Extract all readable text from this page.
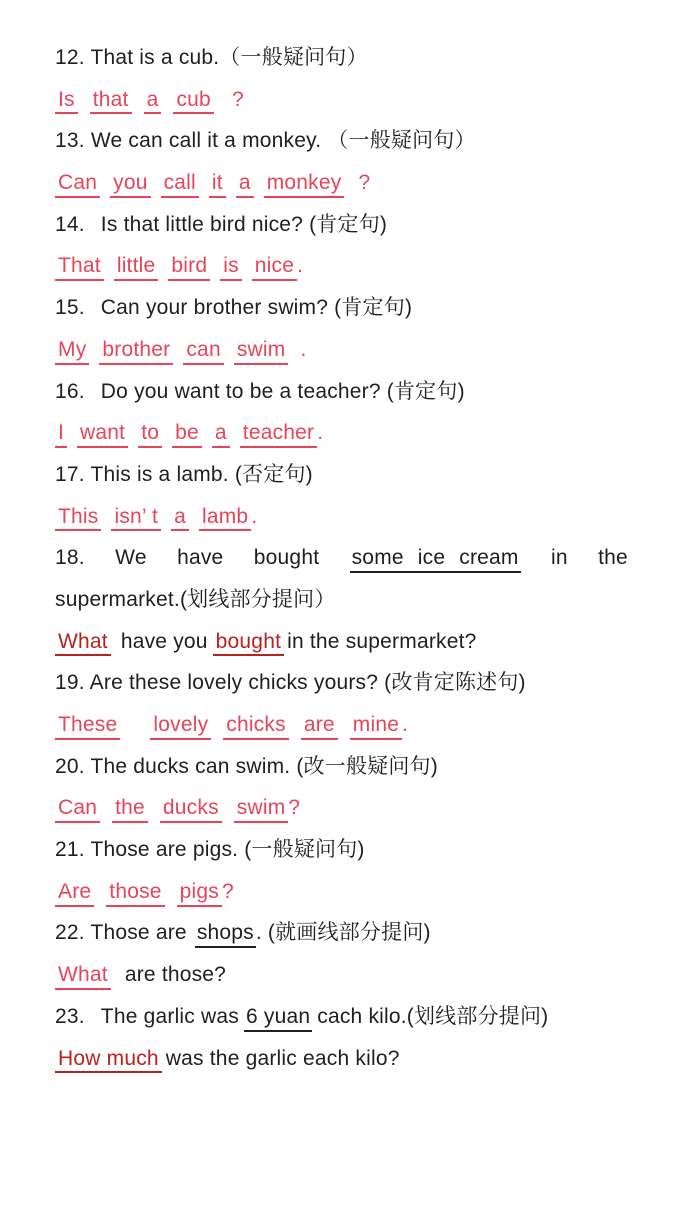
12. That is a cub.（一般疑问句）
Is that a cub ?
13. We can call it a monkey. （一般疑问句）
Can you call it a monkey ?
14. Is that little bird nice? (肯定句)
That little bird is nice .
15. Can your brother swim? (肯定句)
My brother can swim .
16. Do you want to be a teacher? (肯定句)
I want to be a teacher .
17. This is a lamb. (否定句)
This isn’ t a lamb .
18. We have bought some ice cream in the
supermarket.(划线部分提问）
What have you bought in the supermarket?
19. Are these lovely chicks yours? (改肯定陈述句)
These lovely chicks are mine .
20. The ducks can swim. (改一般疑问句)
Can the ducks swim ?
21. Those are pigs. (一般疑问句)
Are those pigs ?
22. Those are shops. (就画线部分提问)
What are those?
23. The garlic was 6 yuan cach kilo.(划线部分提问)
How much was the garlic each kilo?
